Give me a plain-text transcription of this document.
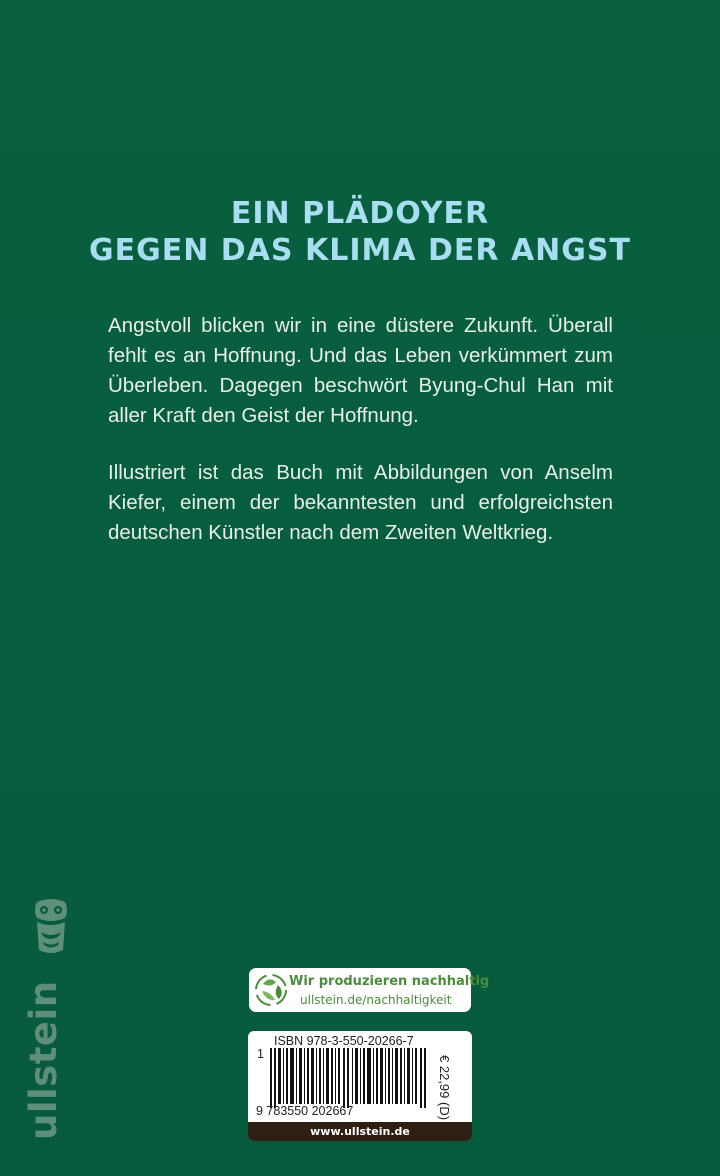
EIN PLÄDOYER
GEGEN DAS KLIMA DER ANGST

Angstvoll blicken wir in eine düstere Zukunft. Überall fehlt es an Hoffnung. Und das Leben verkümmert zum Überleben. Dagegen beschwört Byung-Chul Han mit aller Kraft den Geist der Hoffnung.

Illustriert ist das Buch mit Abbildungen von Anselm Kiefer, einem der bekanntesten und erfolgreichsten deutschen Künstler nach dem Zweiten Weltkrieg.

ullstein	Wir produzieren nachhaltig
ullstein.de/nachhaltigkeit
ISBN 978-3-550-20266-7
1
9 783550 202667	€ 22,99 (D)
www.ullstein.de
